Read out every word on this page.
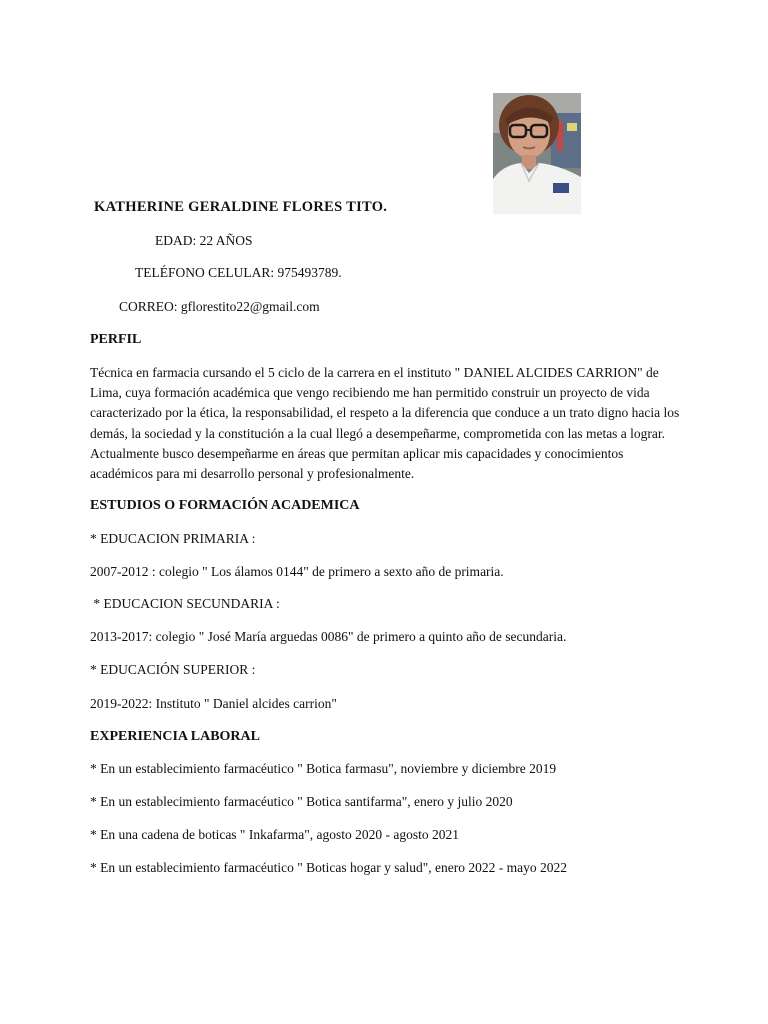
KATHERINE GERALDINE FLORES TITO.
EDAD: 22 AÑOS
TELÉFONO CELULAR: 975493789.
CORREO: gflorestito22@gmail.com
PERFIL
Técnica en farmacia cursando el 5 ciclo de la carrera en el instituto " DANIEL ALCIDES CARRION" de Lima, cuya formación académica que vengo recibiendo me han permitido construir un proyecto de vida caracterizado por la ética, la responsabilidad, el respeto a la diferencia que conduce a un trato digno hacia los demás, la sociedad y la constitución a la cual llegó a desempeñarme, comprometida con las metas a lograr. Actualmente busco desempeñarme en áreas que permitan aplicar mis capacidades y conocimientos académicos para mi desarrollo personal y profesionalmente.
ESTUDIOS O FORMACIÓN ACADEMICA
* EDUCACION PRIMARIA :
2007-2012 : colegio " Los álamos 0144" de primero a sexto año de primaria.
* EDUCACION SECUNDARIA :
2013-2017: colegio " José María arguedas 0086" de primero a quinto año de secundaria.
* EDUCACIÓN SUPERIOR :
2019-2022: Instituto " Daniel alcides carrion"
EXPERIENCIA LABORAL
* En un establecimiento farmacéutico " Botica farmasu", noviembre y diciembre 2019
* En un establecimiento farmacéutico " Botica santifarma", enero y julio 2020
* En una cadena de boticas " Inkafarma", agosto 2020 - agosto 2021
* En un establecimiento farmacéutico " Boticas hogar y salud", enero 2022 - mayo 2022
